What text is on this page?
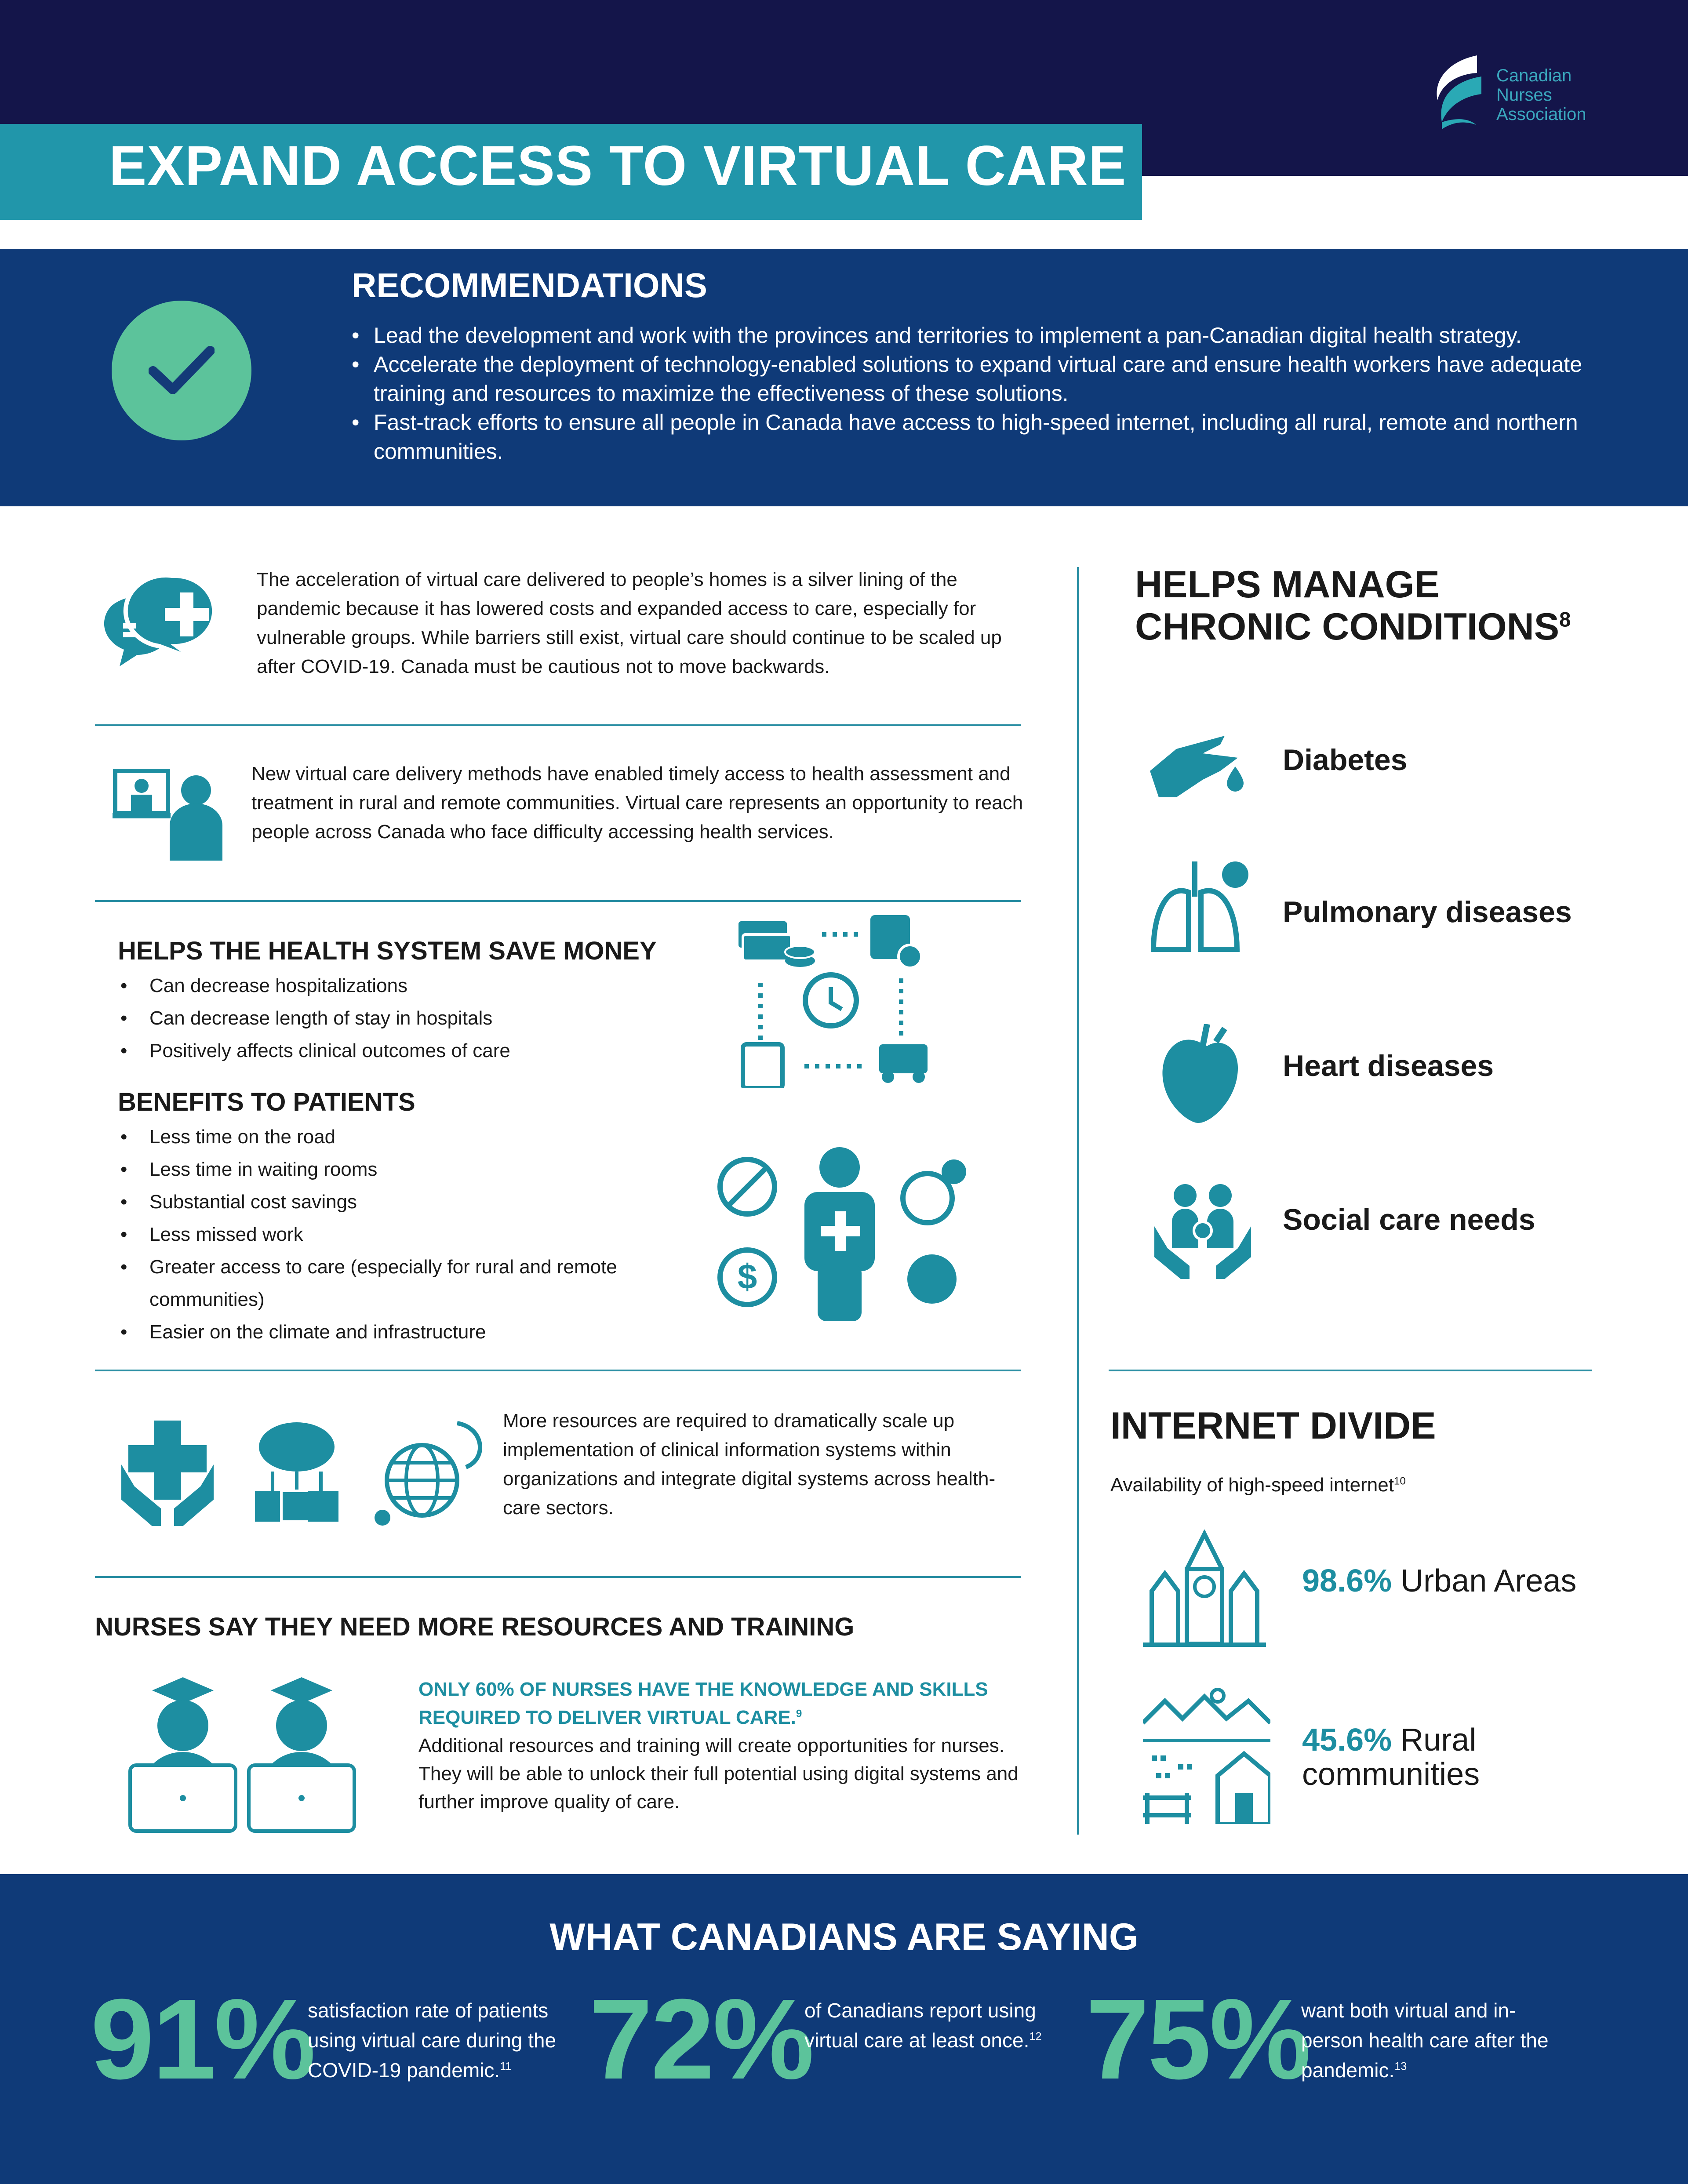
EXPAND ACCESS TO VIRTUAL CARE
Canadian
Nurses
Association
RECOMMENDATIONS
• Lead the development and work with the provinces and territories to implement a pan-Canadian digital health strategy.
• Accelerate the deployment of technology-enabled solutions to expand virtual care and ensure health workers have adequate training and resources to maximize the effectiveness of these solutions.
• Fast-track efforts to ensure all people in Canada have access to high-speed internet, including all rural, remote and northern communities.
The acceleration of virtual care delivered to people’s homes is a silver lining of the pandemic because it has lowered costs and expanded access to care, especially for vulnerable groups. While barriers still exist, virtual care should continue to be scaled up after COVID-19. Canada must be cautious not to move backwards.
New virtual care delivery methods have enabled timely access to health assessment and treatment in rural and remote communities. Virtual care represents an opportunity to reach people across Canada who face difficulty accessing health services.
HELPS THE HEALTH SYSTEM SAVE MONEY
• Can decrease hospitalizations
• Can decrease length of stay in hospitals
• Positively affects clinical outcomes of care
BENEFITS TO PATIENTS
• Less time on the road
• Less time in waiting rooms
• Substantial cost savings
• Less missed work
• Greater access to care (especially for rural and remote communities)
• Easier on the climate and infrastructure
$
More resources are required to dramatically scale up implementation of clinical information systems within organizations and integrate digital systems across health-care sectors.
NURSES SAY THEY NEED MORE RESOURCES AND TRAINING
ONLY 60% OF NURSES HAVE THE KNOWLEDGE AND SKILLS REQUIRED TO DELIVER VIRTUAL CARE.$^9$
Additional resources and training will create opportunities for nurses. They will be able to unlock their full potential using digital systems and further improve quality of care.
HELPS MANAGE
CHRONIC CONDITIONS$^8$
Diabetes
Pulmonary diseases
Heart diseases
Social care needs
INTERNET DIVIDE
Availability of high-speed internet$^{10}$
98.6% Urban Areas
45.6% Rural
communities
WHAT CANADIANS ARE SAYING
91%
satisfaction rate of patients
using virtual care during the
COVID-19 pandemic.$^{11}$ 72%
of Canadians report using
virtual care at least once.$^{12}$ 75%
want both virtual and in-
person health care after the
pandemic.$^{13}$
